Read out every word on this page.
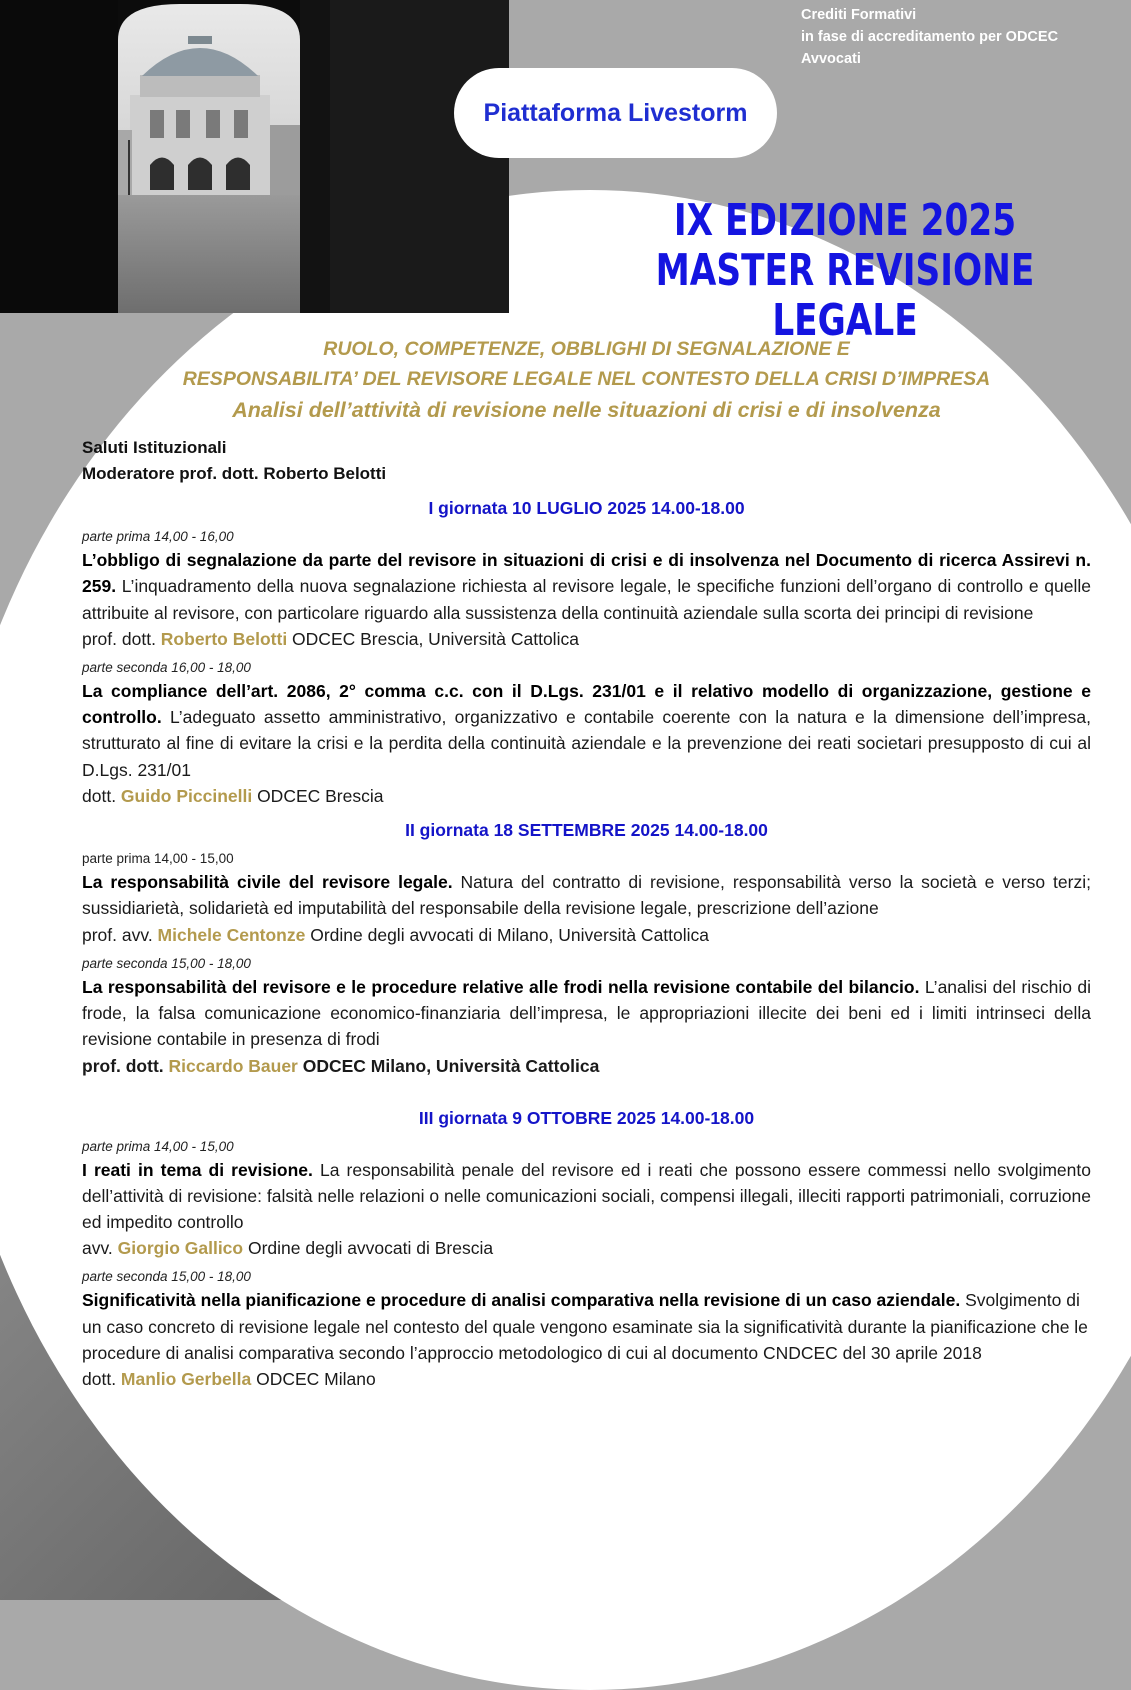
Crediti Formativi
in fase di accreditamento per ODCEC
Avvocati
Piattaforma Livestorm
IX EDIZIONE 2025
MASTER REVISIONE LEGALE
RUOLO, COMPETENZE, OBBLIGHI DI SEGNALAZIONE E
RESPONSABILITA’ DEL REVISORE LEGALE NEL CONTESTO DELLA CRISI D’IMPRESA
Analisi dell’attività di revisione nelle situazioni di crisi e di insolvenza
Saluti Istituzionali
Moderatore prof. dott. Roberto Belotti
I giornata 10 LUGLIO 2025 14.00-18.00
parte prima 14,00 - 16,00
L’obbligo di segnalazione da parte del revisore in situazioni di crisi e di insolvenza nel Documento di ricerca Assirevi n. 259. L’inquadramento della nuova segnalazione richiesta al revisore legale, le specifiche funzioni dell’organo di controllo e quelle attribuite al revisore, con particolare riguardo alla sussistenza della continuità aziendale sulla scorta dei principi di revisione
prof. dott. Roberto Belotti ODCEC Brescia, Università Cattolica
parte seconda 16,00 - 18,00
La compliance dell’art. 2086, 2° comma c.c. con il D.Lgs. 231/01 e il relativo modello di organizzazione, gestione e controllo. L’adeguato assetto amministrativo, organizzativo e contabile coerente con la natura e la dimensione dell’impresa, strutturato al fine di evitare la crisi e la perdita della continuità aziendale e la prevenzione dei reati societari presupposto di cui al D.Lgs. 231/01
dott. Guido Piccinelli ODCEC Brescia
II giornata 18 SETTEMBRE 2025 14.00-18.00
parte prima 14,00 - 15,00
La responsabilità civile del revisore legale. Natura del contratto di revisione, responsabilità verso la società e verso terzi; sussidiarietà, solidarietà ed imputabilità del responsabile della revisione legale, prescrizione dell’azione
prof. avv. Michele Centonze Ordine degli avvocati di Milano, Università Cattolica
parte seconda 15,00 - 18,00
La responsabilità del revisore e le procedure relative alle frodi nella revisione contabile del bilancio. L’analisi del rischio di frode, la falsa comunicazione economico-finanziaria dell’impresa, le appropriazioni illecite dei beni ed i limiti intrinseci della revisione contabile in presenza di frodi
prof. dott. Riccardo Bauer ODCEC Milano, Università Cattolica
III giornata 9 OTTOBRE 2025 14.00-18.00
parte prima 14,00 - 15,00
I reati in tema di revisione. La responsabilità penale del revisore ed i reati che possono essere commessi nello svolgimento dell’attività di revisione: falsità nelle relazioni o nelle comunicazioni sociali, compensi illegali, illeciti rapporti patrimoniali, corruzione ed impedito controllo
avv. Giorgio Gallico Ordine degli avvocati di Brescia
parte seconda 15,00 - 18,00
Significatività nella pianificazione e procedure di analisi comparativa nella revisione di un caso aziendale. Svolgimento di un caso concreto di revisione legale nel contesto del quale vengono esaminate sia la significatività durante la pianificazione che le procedure di analisi comparativa secondo l’approccio metodologico di cui al documento CNDCEC del 30 aprile 2018
dott. Manlio Gerbella ODCEC Milano
